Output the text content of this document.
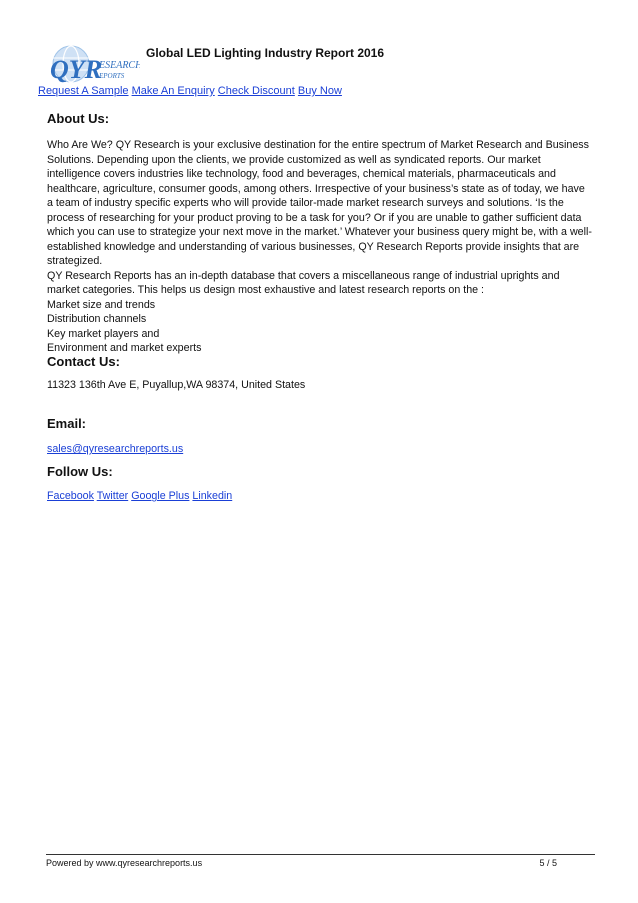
QYR
ESEARCH
EPORTS
Global LED Lighting Industry Report 2016
Request A Sample Make An Enquiry Check Discount Buy Now
About Us:

Who Are We? QY Research is your exclusive destination for the entire spectrum of Market Research and Business
Solutions. Depending upon the clients, we provide customized as well as syndicated reports. Our market
intelligence covers industries like technology, food and beverages, chemical materials, pharmaceuticals and
healthcare, agriculture, consumer goods, among others. Irrespective of your business’s state as of today, we have
a team of industry specific experts who will provide tailor-made market research surveys and solutions. ‘Is the
process of researching for your product proving to be a task for you? Or if you are unable to gather sufficient data
which you can use to strategize your next move in the market.’ Whatever your business query might be, with a well-
established knowledge and understanding of various businesses, QY Research Reports provide insights that are
strategized.
QY Research Reports has an in-depth database that covers a miscellaneous range of industrial uprights and
market categories. This helps us design most exhaustive and latest research reports on the :
Market size and trends
Distribution channels
Key market players and
Environment and market experts

Contact Us:

11323 136th Ave E, Puyallup,WA 98374, United States

Email:

sales@qyresearchreports.us

Follow Us:

Facebook Twitter Google Plus Linkedin

Powered by www.qyresearchreports.us	5 / 5
